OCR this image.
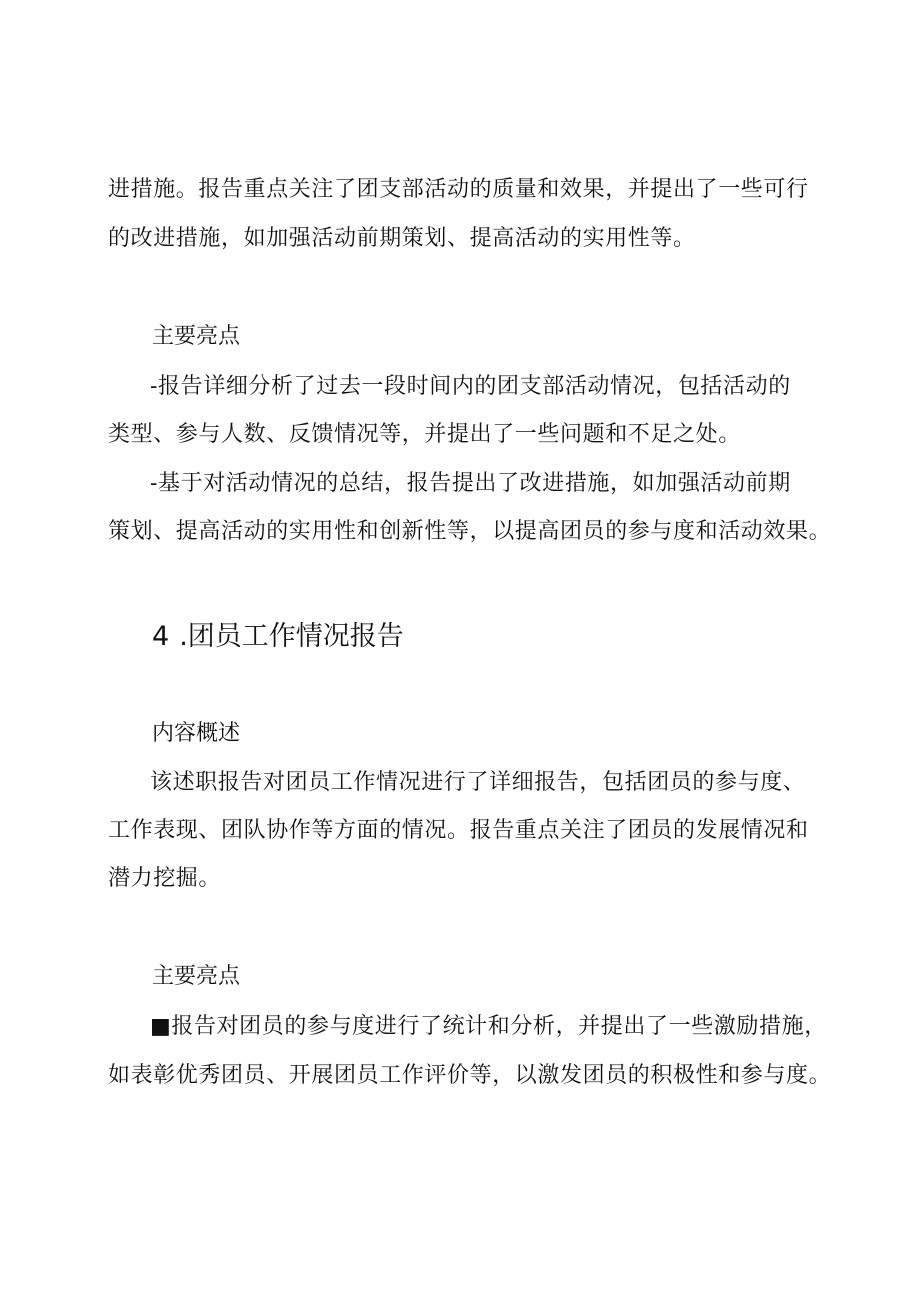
进措施。报告重点关注了团支部活动的质量和效果，并提出了一些可行
的改进措施，如加强活动前期策划、提高活动的实用性等。
主要亮点
-报告详细分析了过去一段时间内的团支部活动情况，包括活动的
类型、参与人数、反馈情况等，并提出了一些问题和不足之处。
-基于对活动情况的总结，报告提出了改进措施，如加强活动前期
策划、提高活动的实用性和创新性等，以提高团员的参与度和活动效果。
4 .团员工作情况报告
内容概述
该述职报告对团员工作情况进行了详细报告，包括团员的参与度、
工作表现、团队协作等方面的情况。报告重点关注了团员的发展情况和
潜力挖掘。
主要亮点
■报告对团员的参与度进行了统计和分析，并提出了一些激励措施，
如表彰优秀团员、开展团员工作评价等，以激发团员的积极性和参与度。
